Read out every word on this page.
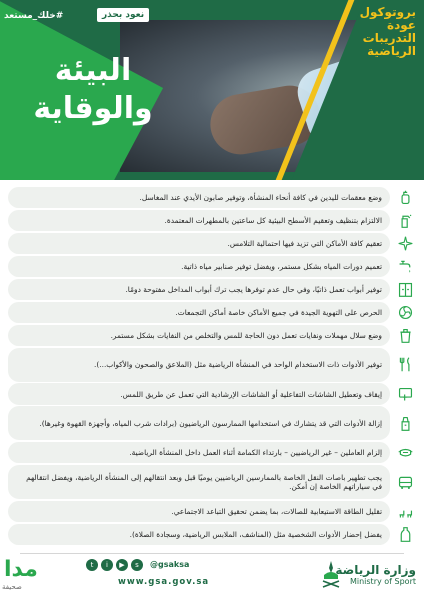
#خلك_مستعد	نعود بحذر
البيئة
والوقاية
بروتوكول
عودة
التدريبات
الرياضية
وضع معقمات لليدين في كافة أنحاء المنشأة، وتوفير صابون الأيدي عند المغاسل.
الالتزام بتنظيف وتعقيم الأسطح البيئية كل ساعتين بالمطهرات المعتمدة.
تعقيم كافة الأماكن التي تزيد فيها احتمالية التلامس.
تعميم دورات المياه بشكل مستمر، ويفضل توفير صنابير مياه ذاتية.
توفير أبواب تعمل ذاتيًا، وفي حال عدم توفرها يجب ترك أبواب المداخل مفتوحة دومًا.
الحرص على التهوية الجيدة في جميع الأماكن خاصة أماكن التجمعات.
وضع سلال مهملات ونفايات تعمل دون الحاجة للمس والتخلص من النفايات بشكل مستمر.
توفير الأدوات ذات الاستخدام الواحد في المنشأة الرياضية مثل (الملاعق والصحون والأكواب...).
إيقاف وتعطيل الشاشات التفاعلية أو الشاشات الإرشادية التي تعمل عن طريق اللمس.
إزالة الأدوات التي قد يتشارك في استخدامها الممارسون الرياضيون (برادات شرب المياه، وأجهزة القهوة وغيرها).
إلزام العاملين – غير الرياضيين – بارتداء الكمامة أثناء العمل داخل المنشأة الرياضية.
يجب تطهير باصات النقل الخاصة بالممارسين الرياضيين يوميًا قبل وبعد انتقالهم إلى المنشأة الرياضية، ويفضل انتقالهم في سياراتهم الخاصة إن أمكن.
تقليل الطاقة الاستيعابية للصالات، بما يضمن تحقيق التباعد الاجتماعي.
يفضل إحضار الأدوات الشخصية مثل (المناشف، الملابس الرياضية، وسجادة الصلاة).
مدا
صحيفة
t	i	▶	s	@gsaksa
www.gsa.gov.sa
وزارة الرياضة
Ministry of Sport
